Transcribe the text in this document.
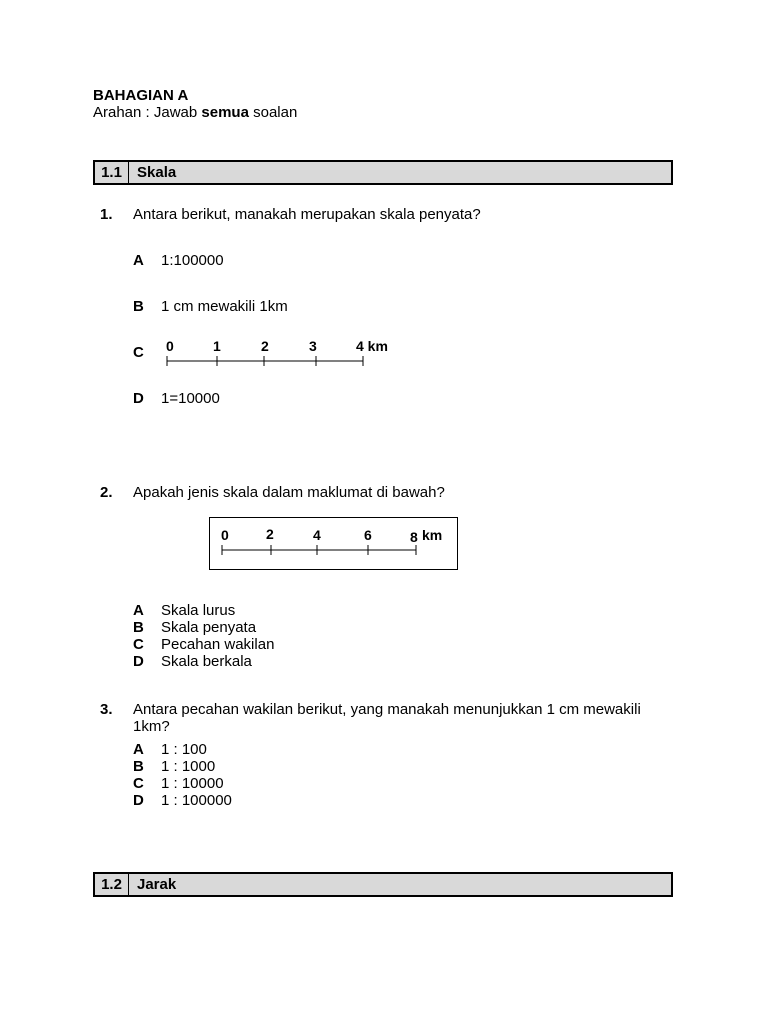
BAHAGIAN A
Arahan : Jawab semua soalan
1.1	Skala
1. Antara berikut, manakah merupakan skala penyata?
A 1:100000
B 1 cm mewakili 1km
C 0	1	2	3	4 km
D 1=10000
2. Apakah jenis skala dalam maklumat di bawah?
0	2	4	6	8 km
A Skala lurus
B Skala penyata
C Pecahan wakilan
D Skala berkala
3. Antara pecahan wakilan berikut, yang manakah menunjukkan 1 cm mewakili 1km?
A 1 : 100
B 1 : 1000
C 1 : 10000
D 1 : 100000
1.2	Jarak
